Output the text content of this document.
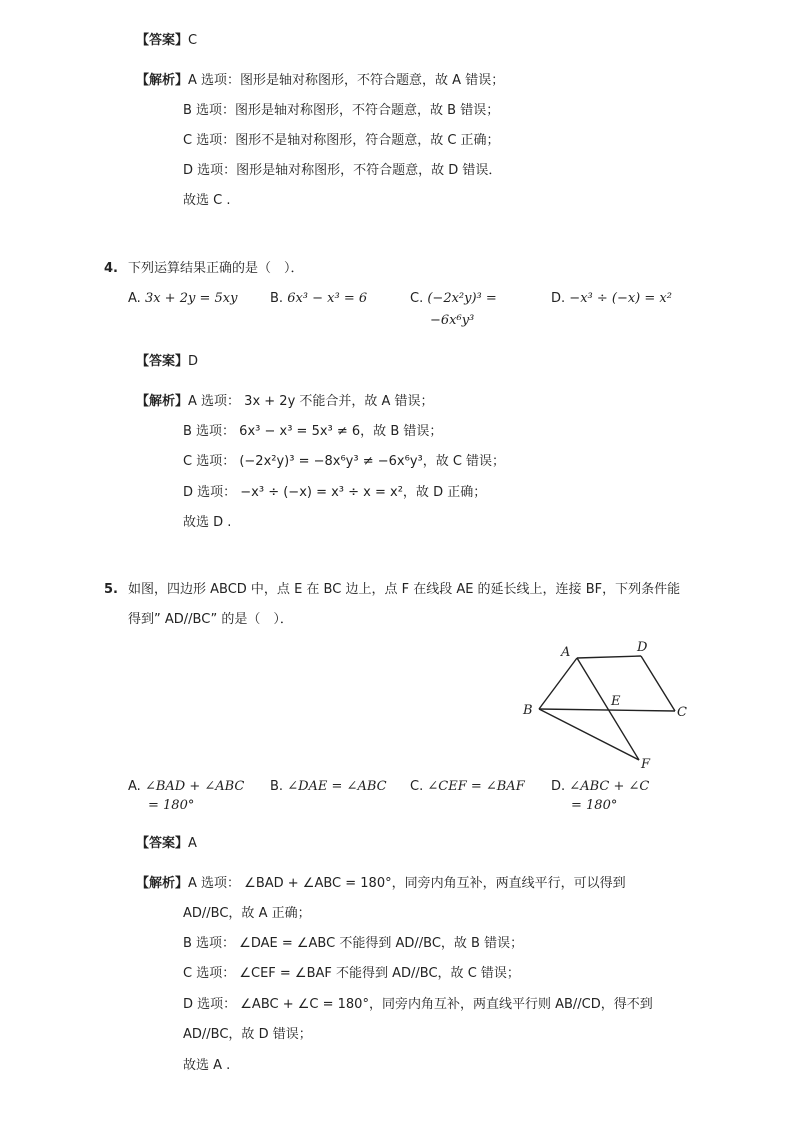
【答案】C
【解析】A 选项：图形是轴对称图形，不符合题意，故 A 错误；
B 选项：图形是轴对称图形，不符合题意，故 B 错误；
C 选项：图形不是轴对称图形，符合题意，故 C 正确；
D 选项：图形是轴对称图形，不符合题意，故 D 错误．
故选 C .
4. 下列运算结果正确的是（　）．
A. 3x + 2y = 5xy	B. 6x³ − x³ = 6	C. (−2x²y)³ =
−6x⁶y³
D. −x³ ÷ (−x) = x²
【答案】D
【解析】A 选项： 3x + 2y 不能合并，故 A 错误；
B 选项： 6x³ − x³ = 5x³ ≠ 6，故 B 错误；
C 选项： (−2x²y)³ = −8x⁶y³ ≠ −6x⁶y³，故 C 错误；
D 选项： −x³ ÷ (−x) = x³ ÷ x = x²，故 D 正确；
故选 D .
5. 如图，四边形 ABCD 中，点 E 在 BC 边上，点 F 在线段 AE 的延长线上，连接 BF，下列条件能
得到” AD//BC” 的是（　）．
A	D
B
E
C
F
A. ∠BAD + ∠ABC
= 180°
B. ∠DAE = ∠ABC C. ∠CEF = ∠BAF D. ∠ABC + ∠C
= 180°
【答案】A
【解析】A 选项： ∠BAD + ∠ABC = 180°，同旁内角互补，两直线平行，可以得到
AD//BC，故 A 正确；
B 选项： ∠DAE = ∠ABC 不能得到 AD//BC，故 B 错误；
C 选项： ∠CEF = ∠BAF 不能得到 AD//BC，故 C 错误；
D 选项： ∠ABC + ∠C = 180°，同旁内角互补，两直线平行则 AB//CD，得不到
AD//BC，故 D 错误；
故选 A .
